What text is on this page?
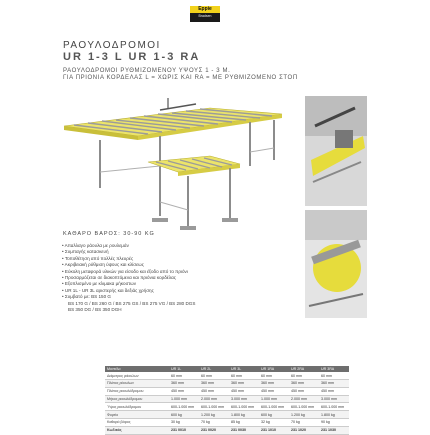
Eppie
Bradsen
ΡΑΟΥΛΟΔΡΟΜΟΙ
UR 1-3 L UR 1-3 RA
ΡΑΟΥΛΟΔΡΟΜΟΙ ΡΥΘΜΙΖΟΜΕΝΟΥ ΥΨΟΥΣ 1 - 3 Μ.
ΓΙΑ ΠΡΙΟΝΙΑ ΚΟΡΔΕΛΑΣ L = ΧΩΡΙΣ ΚΑΙ RA = ΜΕ ΡΥΘΜΙΖΟΜΕΝΟ ΣΤΟΠ
ΚΑΘΑΡΟ ΒΑΡΟΣ: 30-90 KG
• Απαλλαγο ράουλα με ρουλεμάν
• Συμπαγής κατασκευή
• Τοποθέτηση από πολλές πλευρές
• Ακριβειακή ρύθμιση ύψους και κλίσεως
• Εύκολη μεταφορά υλικών για είσοδο και έξοδο από το πριόνι
• Προσαρμόζεται σε διακοπτόμενα και πριόνια κορδέλας
• Εξοπλισμένο με κλιμακα μήκοστων
• UR 1L - UR 3L αριστερής και δεξιάς χρήσης
• Συμβατό με: BS 150 G
BS 170 G / BS 260 G / BS 275 GS / BS 275 VG / BS 280 DGS
BS 350 DG / BS 350 DGH
Μοντέλο	UR 1L	UR 2L	UR 3L	UR 1RA	UR 2RA	UR 3RA
Διάμετρος ράουλων	60 mm	60 mm	60 mm	60 mm	60 mm	60 mm
Πλάτος ράουλων	360 mm	360 mm	360 mm	360 mm	360 mm	360 mm
Πλάτος ραουλόδρομου	450 mm	450 mm	450 mm	450 mm	450 mm	450 mm
Μήκος ραουλόδρομου	1.000 mm	2.000 mm	3.000 mm	1.000 mm	2.000 mm	3.000 mm
Ύψος ραουλόδρομου	600-1.000 mm	600-1.000 mm	600-1.000 mm	600-1.000 mm	600-1.000 mm	600-1.000 mm
Φορτίο	600 kg	1.200 kg	1.800 kg	600 kg	1.200 kg	1.800 kg
Καθαρό βάρος	30 kg	70 kg	85 kg	32 kg	70 kg	90 kg
Κωδικός	231 0010	231 0020	231 0030	231 1010	231 1020	231 1030
